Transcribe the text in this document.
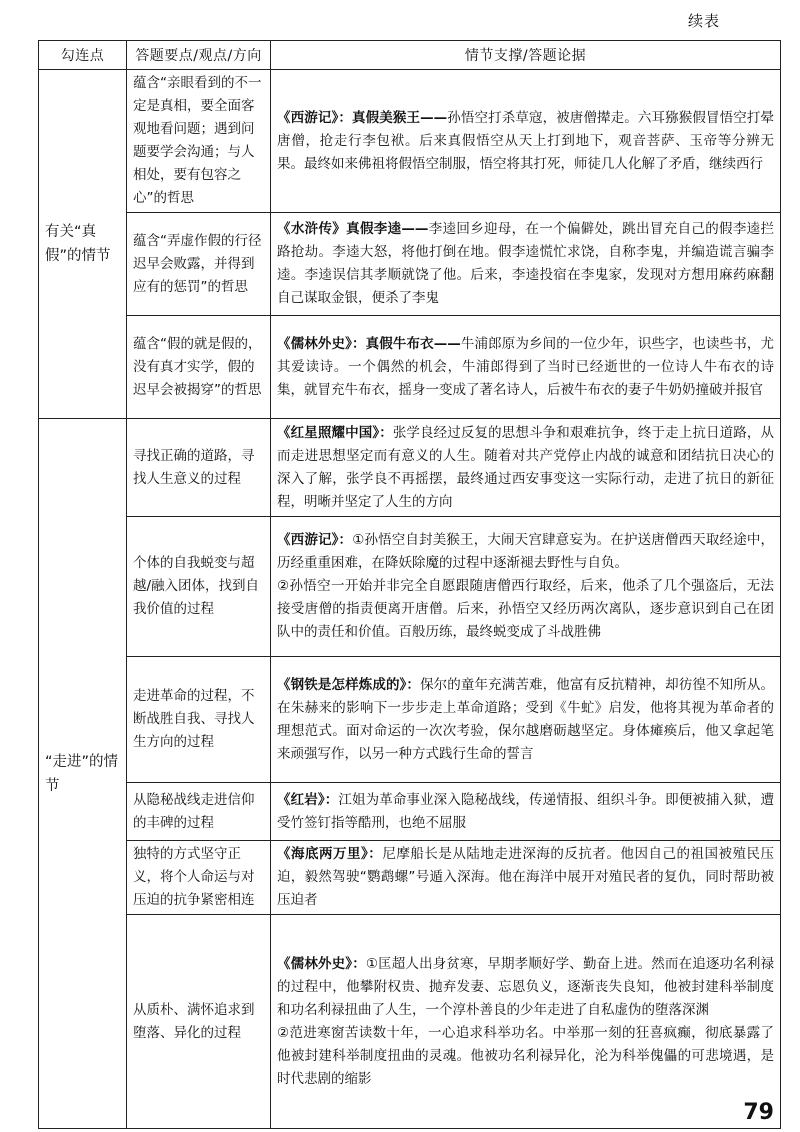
续表
勾连点	答题要点/观点/方向	情节支撑/答题论据
有关“真假”的情节	蕴含“亲眼看到的不一定是真相，要全面客观地看问题；遇到问题要学会沟通；与人相处，要有包容之心”的哲思	《西游记》：真假美猴王——孙悟空打杀草寇，被唐僧撵走。六耳猕猴假冒悟空打晕唐僧，抢走行李包袱。后来真假悟空从天上打到地下，观音菩萨、玉帝等分辨无果。最终如来佛祖将假悟空制服，悟空将其打死，师徒几人化解了矛盾，继续西行

	蕴含“弄虚作假的行径迟早会败露，并得到应有的惩罚”的哲思	《水浒传》真假李逵——李逵回乡迎母，在一个偏僻处，跳出冒充自己的假李逵拦路抢劫。李逵大怒，将他打倒在地。假李逵慌忙求饶，自称李鬼，并编造谎言骗李逵。李逵误信其孝顺就饶了他。后来，李逵投宿在李鬼家，发现对方想用麻药麻翻自己谋取金银，便杀了李鬼

	蕴含“假的就是假的，没有真才实学，假的迟早会被揭穿”的哲思	《儒林外史》：真假牛布衣——牛浦郎原为乡间的一位少年，识些字，也读些书，尤其爱读诗。一个偶然的机会，牛浦郎得到了当时已经逝世的一位诗人牛布衣的诗集，就冒充牛布衣，摇身一变成了著名诗人，后被牛布衣的妻子牛奶奶撞破并报官

“走进”的情节	寻找正确的道路，寻找人生意义的过程	《红星照耀中国》：张学良经过反复的思想斗争和艰难抗争，终于走上抗日道路，从而走进思想坚定而有意义的人生。随着对共产党停止内战的诚意和团结抗日决心的深入了解，张学良不再摇摆，最终通过西安事变这一实际行动，走进了抗日的新征程，明晰并坚定了人生的方向

	个体的自我蜕变与超越/融入团体，找到自我价值的过程	《西游记》：①孙悟空自封美猴王，大闹天宫肆意妄为。在护送唐僧西天取经途中，历经重重困难，在降妖除魔的过程中逐渐褪去野性与自负。
②孙悟空一开始并非完全自愿跟随唐僧西行取经，后来，他杀了几个强盗后，无法接受唐僧的指责便离开唐僧。后来，孙悟空又经历两次离队，逐步意识到自己在团队中的责任和价值。百般历练，最终蜕变成了斗战胜佛

	走进革命的过程，不断战胜自我、寻找人生方向的过程	《钢铁是怎样炼成的》：保尔的童年充满苦难，他富有反抗精神，却彷徨不知所从。在朱赫来的影响下一步步走上革命道路；受到《牛虻》启发，他将其视为革命者的理想范式。面对命运的一次次考验，保尔越磨砺越坚定。身体瘫痪后，他又拿起笔来顽强写作，以另一种方式践行生命的誓言

	从隐秘战线走进信仰的丰碑的过程	《红岩》：江姐为革命事业深入隐秘战线，传递情报、组织斗争。即便被捕入狱，遭受竹签钉指等酷刑，也绝不屈服

	独特的方式坚守正义，将个人命运与对压迫的抗争紧密相连	《海底两万里》：尼摩船长是从陆地走进深海的反抗者。他因自己的祖国被殖民压迫，毅然驾驶“鹦鹉螺”号遁入深海。他在海洋中展开对殖民者的复仇，同时帮助被压迫者

	从质朴、满怀追求到堕落、异化的过程	《儒林外史》：①匡超人出身贫寒，早期孝顺好学、勤奋上进。然而在追逐功名利禄的过程中，他攀附权贵、抛弃发妻、忘恩负义，逐渐丧失良知，他被封建科举制度和功名利禄扭曲了人生，一个淳朴善良的少年走进了自私虚伪的堕落深渊
②范进寒窗苦读数十年，一心追求科举功名。中举那一刻的狂喜疯癫，彻底暴露了他被封建科举制度扭曲的灵魂。他被功名利禄异化，沦为科举傀儡的可悲境遇，是时代悲剧的缩影
79
